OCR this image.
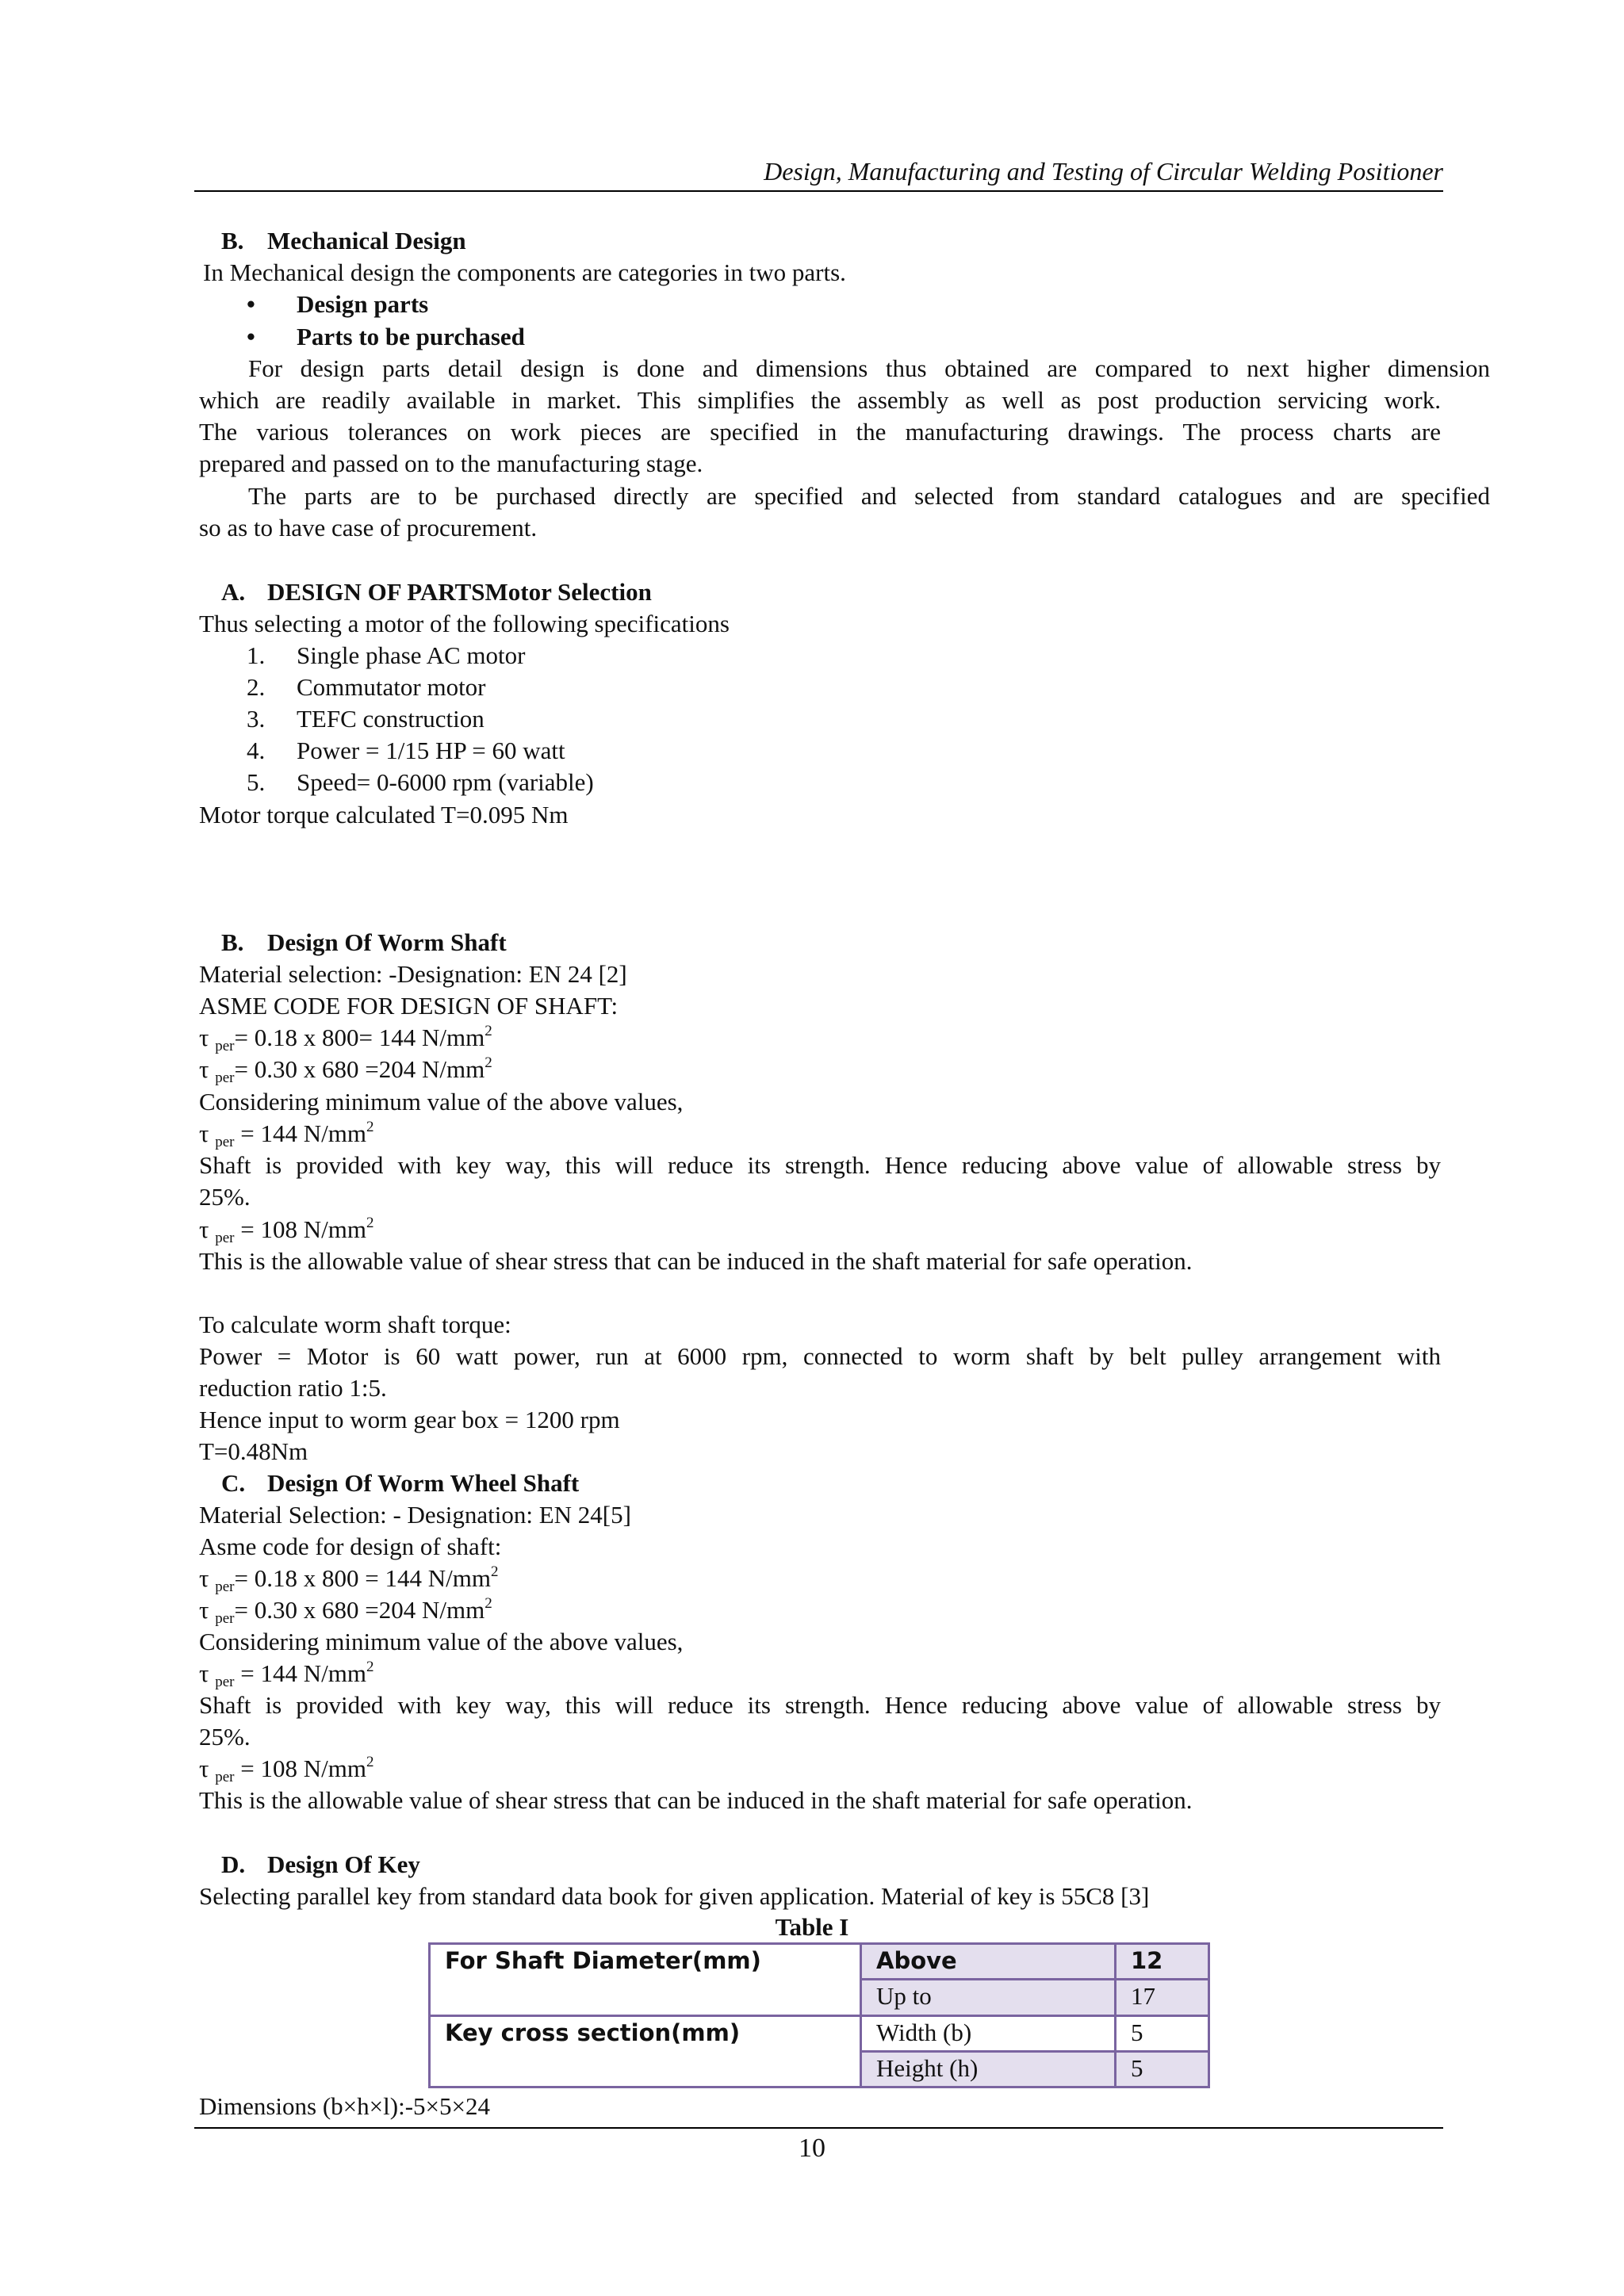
Design, Manufacturing and Testing of Circular Welding Positioner
B. Mechanical Design
In Mechanical design the components are categories in two parts.
• Design parts
• Parts to be purchased
For design parts detail design is done and dimensions thus obtained are compared to next higher dimension
which are readily available in market. This simplifies the assembly as well as post production servicing work.
The various tolerances on work pieces are specified in the manufacturing drawings. The process charts are
prepared and passed on to the manufacturing stage.
The parts are to be purchased directly are specified and selected from standard catalogues and are specified
so as to have case of procurement.
A. DESIGN OF PARTSMotor Selection
Thus selecting a motor of the following specifications
1. Single phase AC motor
2. Commutator motor
3. TEFC construction
4. Power = 1/15 HP = 60 watt
5. Speed= 0-6000 rpm (variable)
Motor torque calculated T=0.095 Nm
B. Design Of Worm Shaft
Material selection: -Designation: EN 24 [2]
ASME CODE FOR DESIGN OF SHAFT:
τ $_{per}$= 0.18 x 800= 144 $N/mm^2$
τ $_{per}$= 0.30 x 680 =204 $N/mm^2$
Considering minimum value of the above values,
τ $_{per}$ = 144 $N/mm^2$
Shaft is provided with key way, this will reduce its strength. Hence reducing above value of allowable stress by
25%.
τ $_{per}$ = 108 $N/mm^2$
This is the allowable value of shear stress that can be induced in the shaft material for safe operation.
To calculate worm shaft torque:
Power = Motor is 60 watt power, run at 6000 rpm, connected to worm shaft by belt pulley arrangement with
reduction ratio 1:5.
Hence input to worm gear box = 1200 rpm
T=0.48Nm
C. Design Of Worm Wheel Shaft
Material Selection: - Designation: EN 24[5]
Asme code for design of shaft:
τ $_{per}$= 0.18 x 800 = 144 $N/mm^2$
τ $_{per}$= 0.30 x 680 =204 $N/mm^2$
Considering minimum value of the above values,
τ $_{per}$ = 144 $N/mm^2$
Shaft is provided with key way, this will reduce its strength. Hence reducing above value of allowable stress by
25%.
τ $_{per}$ = 108 $N/mm^2$
This is the allowable value of shear stress that can be induced in the shaft material for safe operation.
D. Design Of Key
Selecting parallel key from standard data book for given application. Material of key is 55C8 [3]
Table I
For Shaft Diameter(mm)	Above	12
	Up to	17
Key cross section(mm)	Width (b)	5
	Height (h)	5
Dimensions (b×h×l):-5×5×24
10
